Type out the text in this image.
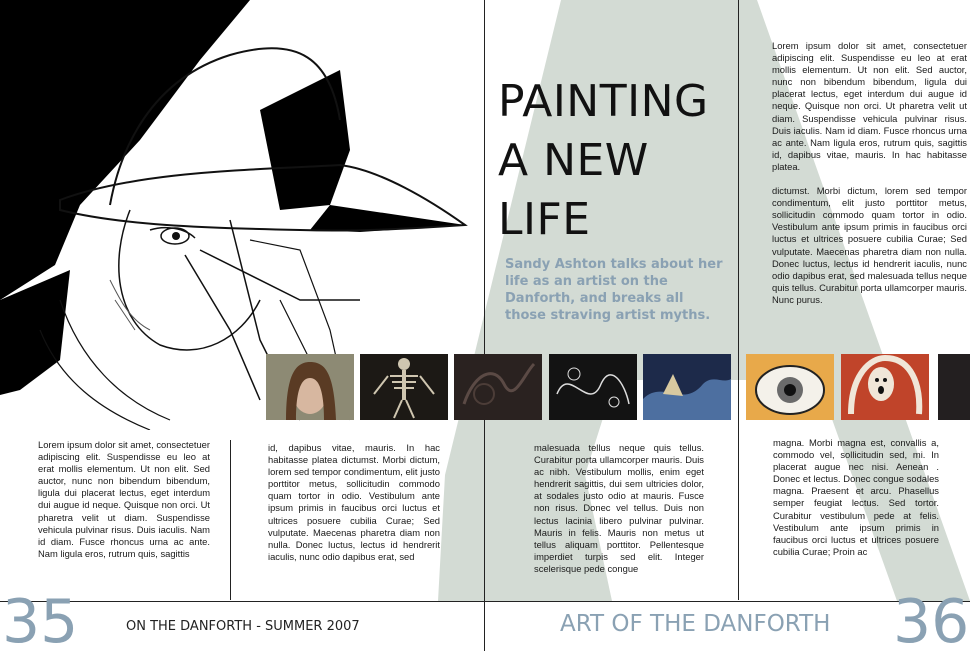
PAINTING
A NEW
LIFE

Sandy Ashton talks about her life as an artist on the Danforth, and breaks all those straving artist myths.

Lorem ipsum dolor sit amet, consectetuer adipiscing elit. Suspendisse eu leo at erat mollis elementum. Ut non elit. Sed auctor, nunc non bibendum bibendum, ligula dui placerat lectus, eget interdum dui augue id neque. Quisque non orci. Ut pharetra velit ut diam. Suspendisse vehicula pulvinar risus. Duis iaculis. Nam id diam. Fusce rhoncus urna ac ante. Nam ligula eros, rutrum quis, sagittis id, dapibus vitae, mauris. In hac habitasse platea.

dictumst. Morbi dictum, lorem sed tempor condimentum, elit justo porttitor metus, sollicitudin commodo quam tortor in odio. Vestibulum ante ipsum primis in faucibus orci luctus et ultrices posuere cubilia Curae; Sed vulputate. Maecenas pharetra diam non nulla. Donec luctus, lectus id hendrerit iaculis, nunc odio dapibus erat, sed malesuada tellus neque quis tellus. Curabitur porta ullamcorper mauris. Nunc purus.

Lorem ipsum dolor sit amet, consectetuer adipiscing elit. Suspendisse eu leo at erat mollis elementum. Ut non elit. Sed auctor, nunc non bibendum bibendum, ligula dui placerat lectus, eget interdum dui augue id neque. Quisque non orci. Ut pharetra velit ut diam. Suspendisse vehicula pulvinar risus. Duis iaculis. Nam id diam. Fusce rhoncus urna ac ante. Nam ligula eros, rutrum quis, sagittis

id, dapibus vitae, mauris. In hac habitasse platea dictumst. Morbi dictum, lorem sed tempor condimentum, elit justo porttitor metus, sollicitudin commodo quam tortor in odio. Vestibulum ante ipsum primis in faucibus orci luctus et ultrices posuere cubilia Curae; Sed vulputate. Maecenas pharetra diam non nulla. Donec luctus, lectus id hendrerit iaculis, nunc odio dapibus erat, sed

malesuada tellus neque quis tellus. Curabitur porta ullamcorper mauris. Duis ac nibh. Vestibulum mollis, enim eget hendrerit sagittis, dui sem ultricies dolor, at sodales justo odio at mauris. Fusce non risus. Donec vel tellus. Duis non lectus lacinia libero pulvinar pulvinar. Mauris in felis. Mauris non metus ut tellus aliquam porttitor. Pellentesque imperdiet turpis sed elit. Integer scelerisque pede congue

magna. Morbi magna est, convallis a, commodo vel, sollicitudin sed, mi. In placerat augue nec nisi. Aenean . Donec et lectus. Donec congue sodales magna. Praesent et arcu. Phasellus semper feugiat lectus. Sed tortor. Curabitur vestibulum pede at felis. Vestibulum ante ipsum primis in faucibus orci luctus et ultrices posuere cubilia Curae; Proin ac

35	ON THE DANFORTH - SUMMER 2007	ART OF THE DANFORTH 36
